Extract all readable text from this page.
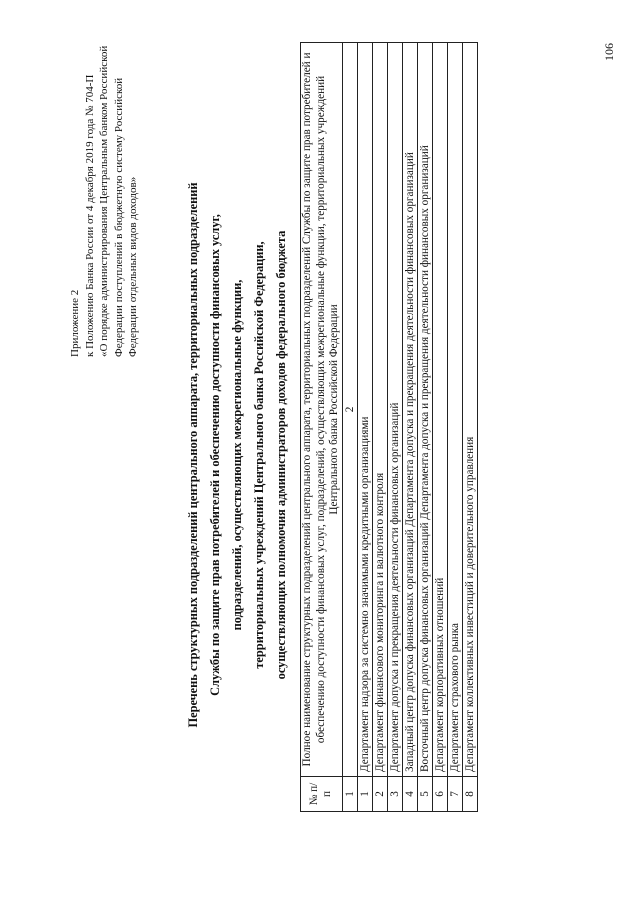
106
Приложение 2 к Положению Банка России от 4 декабря 2019 года № 704-П «О порядке администрирования Центральным банком Российской Федерации поступлений в бюджетную систему Российской Федерации отдельных видов доходов»	Перечень структурных подразделений центрального аппарата, территориальных подразделений Службы по защите прав потребителей и обеспечению доступности финансовых услуг, подразделений, осуществляющих межрегиональные функции, территориальных учреждений Центрального банка Российской Федерации, осуществляющих полномочия администраторов доходов федерального бюджета
№ п/п	Полное наименование структурных подразделений центрального аппарата, территориальных подразделений Службы по защите прав потребителей и обеспечению доступности финансовых услуг, подразделений, осуществляющих межрегиональные функции, территориальных учреждений Центрального банка Российской Федерации
1	2
1	Департамент надзора за системно значимыми кредитными организациями
2	Департамент финансового мониторинга и валютного контроля
3	Департамент допуска и прекращения деятельности финансовых организаций
4	Западный центр допуска финансовых организаций Департамента допуска и прекращения деятельности финансовых организаций
5	Восточный центр допуска финансовых организаций Департамента допуска и прекращения деятельности финансовых организаций
6	Департамент корпоративных отношений
7	Департамент страхового рынка
8	Департамент коллективных инвестиций и доверительного управления
